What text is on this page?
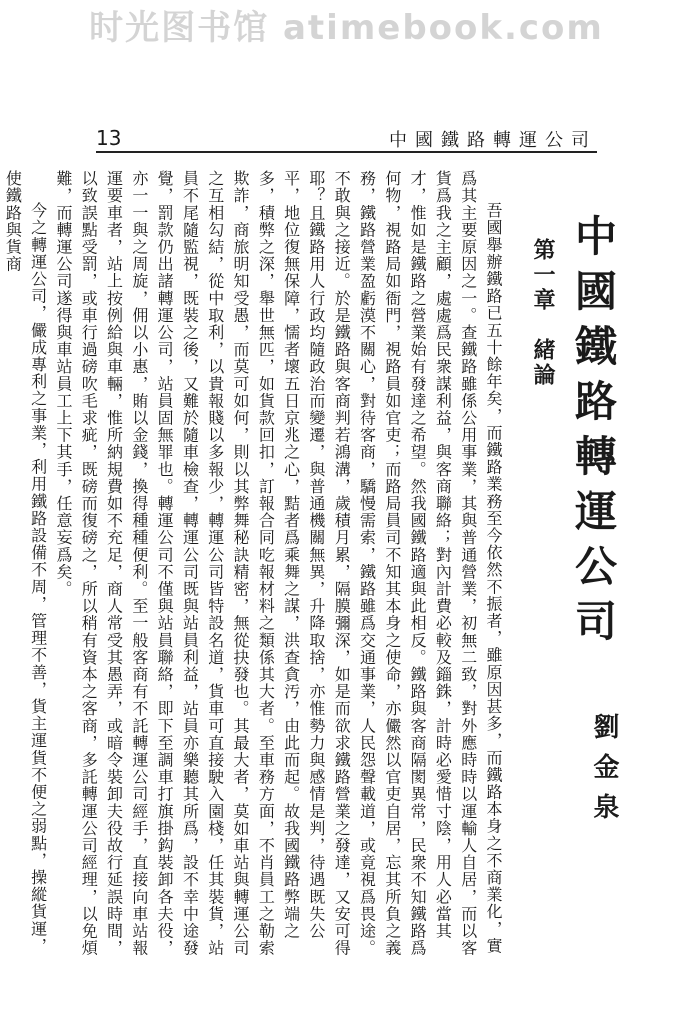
时光图书馆 atimebook.com
13	中國鐵路轉運公司
中國鐵路轉運公司
劉金泉
第一章　緒論

吾國舉辦鐵路已五十餘年矣，而鐵路業務至今依然不振者，雖原因甚多，而鐵路本身之不商業化，實爲其主要原因之一。查鐵路雖係公用事業，其與普通營業，初無二致，對外應時時以運輸人自居，而以客貨爲我之主顧，處處爲民衆謀利益，與客商聯絡；對內計費必較及錙銖，計時必愛惜寸陰，用人必當其才，惟如是鐵路之營業始有發達之希望。然我國鐵路適與此相反。鐵路與客商隔閡異常，民衆不知鐵路爲何物，視路局如衙門，視路員如官吏；而路局員司不知其本身之使命，亦儼然以官吏自居，忘其所負之義務，鐵路營業盈虧漠不關心，對待客商，驕慢需索，鐵路雖爲交通事業，人民怨聲載道，或竟視爲畏途。不敢與之接近。於是鐵路與客商判若鴻溝，歲積月累，隔膜彌深，如是而欲求鐵路營業之發達，又安可得耶？且鐵路用人行政均隨政治而變遷，與普通機關無異，升降取捨，亦惟勢力與感情是判，待遇既失公平，地位復無保障，懦者壞五日京兆之心，黠者爲乘舞之謀，洪查貪汚，由此而起。故我國鐵路弊端之多，積弊之深，舉世無匹，如貨款回扣，訂報合同吃報材料之類係其大者。至車務方面，不肖員工之勒索欺詐，商旅明知受愚，而莫可如何，則以其弊舞秘訣精密，無從抉發也。其最大者，莫如車站與轉運公司之互相勾結，從中取利，以貴報賤以多報少，轉運公司皆特設名道，貨車可直接駛入園棧，任其裝貨，站員不尾隨監視，既裝之後，又難於隨車檢查，轉運公司既與站員利益，站員亦樂聽其所爲，設不幸中途發覺，罰款仍出諸轉運公司，站員固無罪也。轉運公司不僅與站員聯絡，即下至調車打旗掛鈎裝卸各夫役，亦一一與之周旋，佣以小惠，賄以金錢，換得種種便利。至一般客商有不託轉運公司經手，直接向車站報運要車者，站上按例給與車輛，惟所納規費如不充足，商人常受其愚弄，或暗令裝卸夫役故行延誤時間，以致誤點受罰，或車行過磅吹毛求疵，既磅而復磅之，所以稍有資本之客商，多託轉運公司經理，以免煩難，而轉運公司遂得與車站員工上下其手，任意妄爲矣。

今之轉運公司，儼成專利之事業，利用鐵路設備不周，管理不善，貨主運貨不便之弱點，操縱貨運，使鐵路與貨商
